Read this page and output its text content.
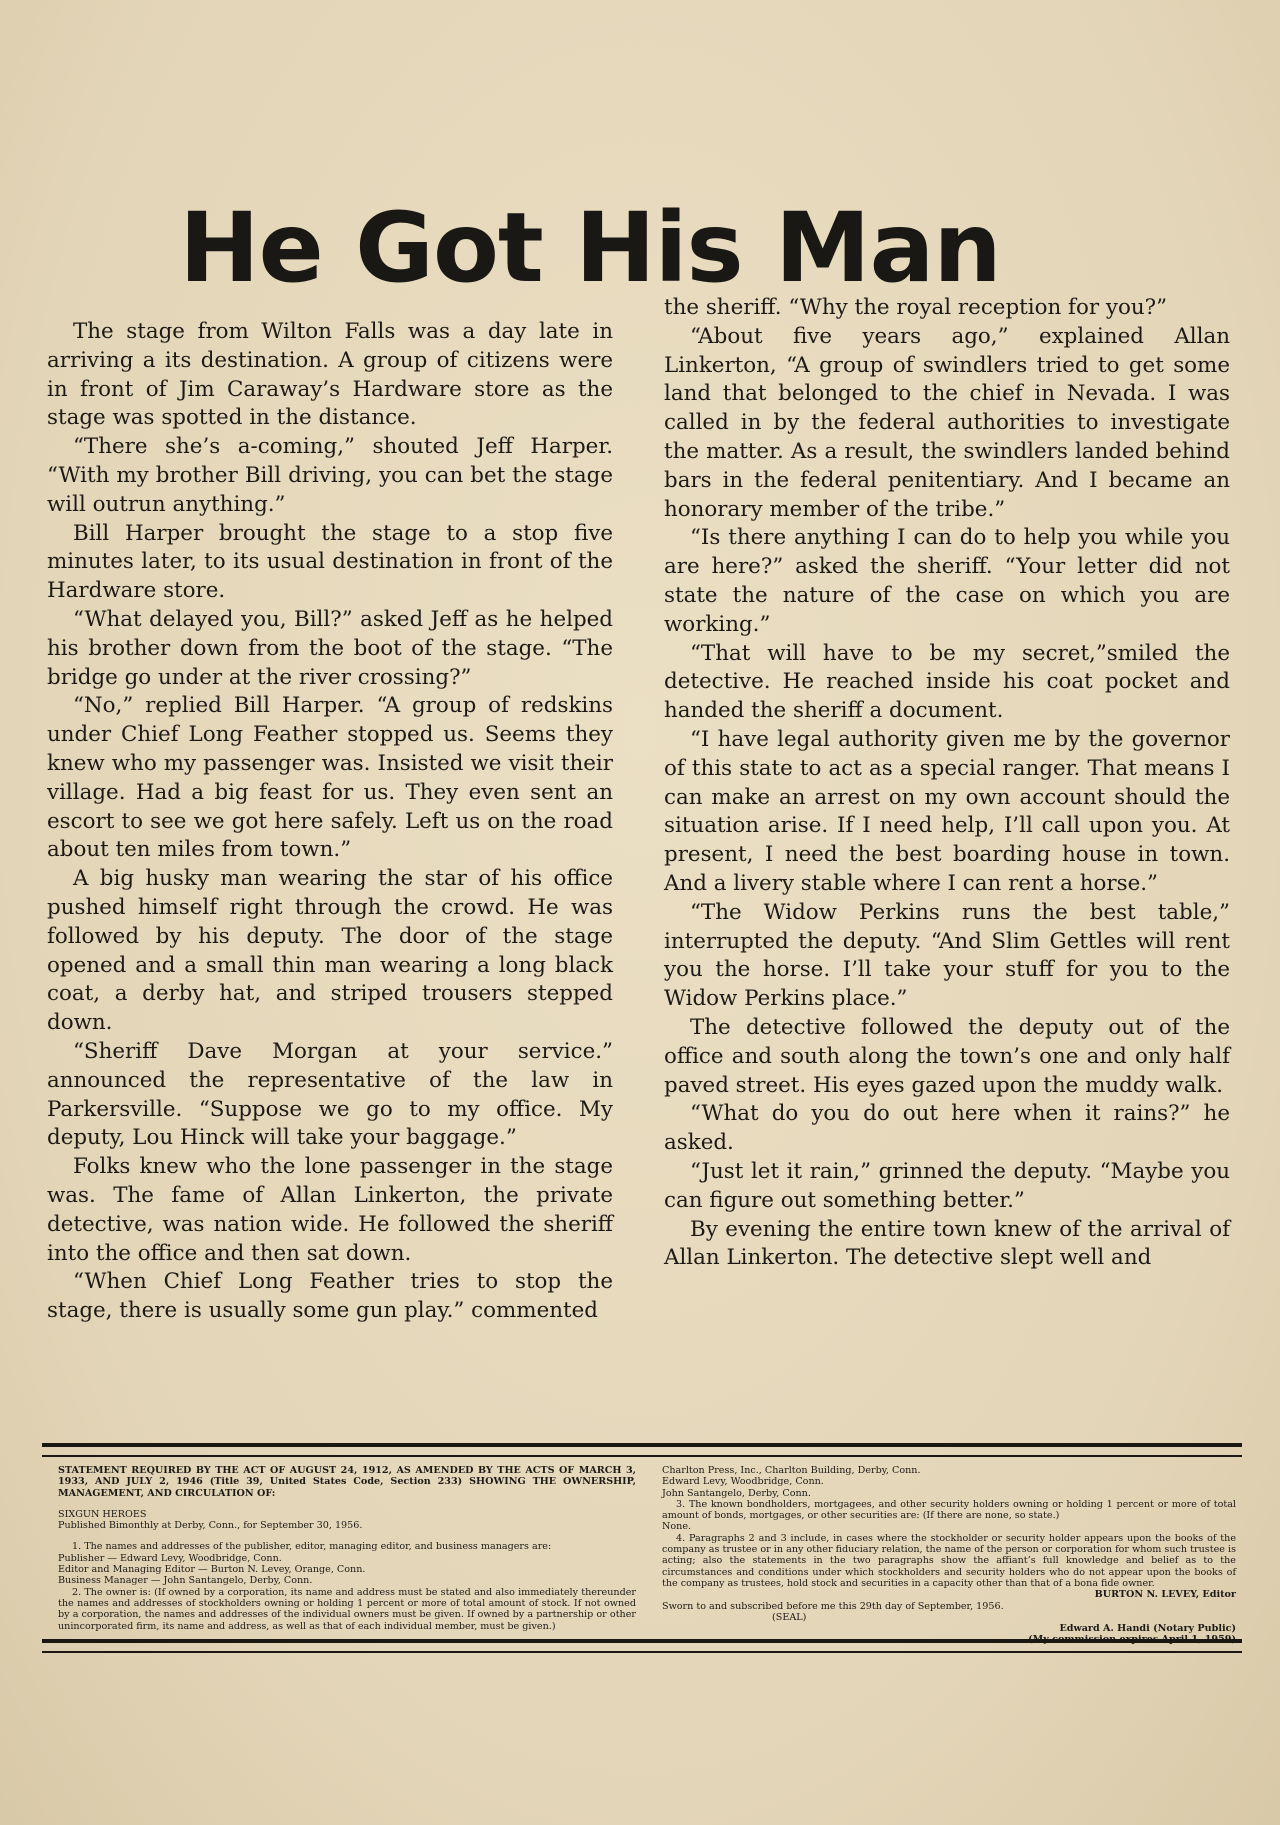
He Got His Man

The stage from Wilton Falls was a day late in arriving a its destination. A group of citizens were in front of Jim Caraway’s Hardware store as the stage was spotted in the distance.

“There she’s a-coming,” shouted Jeff Harper. “With my brother Bill driving, you can bet the stage will outrun anything.”

Bill Harper brought the stage to a stop five minutes later, to its usual destination in front of the Hardware store.

“What delayed you, Bill?” asked Jeff as he helped his brother down from the boot of the stage. “The bridge go under at the river crossing?”

“No,” replied Bill Harper. “A group of redskins under Chief Long Feather stopped us. Seems they knew who my passenger was. Insisted we visit their village. Had a big feast for us. They even sent an escort to see we got here safely. Left us on the road about ten miles from town.”

A big husky man wearing the star of his office pushed himself right through the crowd. He was followed by his deputy. The door of the stage opened and a small thin man wearing a long black coat, a derby hat, and striped trousers stepped down.

“Sheriff Dave Morgan at your service.” announced the representative of the law in Parkersville. “Suppose we go to my office. My deputy, Lou Hinck will take your baggage.”

Folks knew who the lone passenger in the stage was. The fame of Allan Linkerton, the private detective, was nation wide. He followed the sheriff into the office and then sat down.

“When Chief Long Feather tries to stop the stage, there is usually some gun play.” commented

the sheriff. “Why the royal reception for you?”

“About five years ago,” explained Allan Linkerton, “A group of swindlers tried to get some land that belonged to the chief in Nevada. I was called in by the federal authorities to investigate the matter. As a result, the swindlers landed behind bars in the federal penitentiary. And I became an honorary member of the tribe.”

“Is there anything I can do to help you while you are here?” asked the sheriff. “Your letter did not state the nature of the case on which you are working.”

“That will have to be my secret,”smiled the detective. He reached inside his coat pocket and handed the sheriff a document.

“I have legal authority given me by the governor of this state to act as a special ranger. That means I can make an arrest on my own account should the situation arise. If I need help, I’ll call upon you. At present, I need the best boarding house in town. And a livery stable where I can rent a horse.”

“The Widow Perkins runs the best table,” interrupted the deputy. “And Slim Gettles will rent you the horse. I’ll take your stuff for you to the Widow Perkins place.”

The detective followed the deputy out of the office and south along the town’s one and only half paved street. His eyes gazed upon the muddy walk.

“What do you do out here when it rains?” he asked.

“Just let it rain,” grinned the deputy. “Maybe you can figure out something better.”

By evening the entire town knew of the arrival of Allan Linkerton. The detective slept well and

STATEMENT REQUIRED BY THE ACT OF AUGUST 24, 1912, AS AMENDED BY THE ACTS OF MARCH 3, 1933, AND JULY 2, 1946 (Title 39, United States Code, Section 233) SHOWING THE OWNERSHIP, MANAGEMENT, AND CIRCULATION OF:

SIXGUN HEROES

Published Bimonthly at Derby, Conn., for September 30, 1956.

1. The names and addresses of the publisher, editor, managing editor, and business managers are:

Publisher — Edward Levy, Woodbridge, Conn.

Editor and Managing Editor — Burton N. Levey, Orange, Conn.

Business Manager — John Santangelo, Derby, Conn.

2. The owner is: (If owned by a corporation, its name and address must be stated and also immediately thereunder the names and addresses of stockholders owning or holding 1 percent or more of total amount of stock. If not owned by a corporation, the names and addresses of the individual owners must be given. If owned by a partnership or other unincorporated firm, its name and address, as well as that of each individual member, must be given.)

Charlton Press, Inc., Charlton Building, Derby, Conn.

Edward Levy, Woodbridge, Conn.

John Santangelo, Derby, Conn.

3. The known bondholders, mortgagees, and other security holders owning or holding 1 percent or more of total amount of bonds, mortgages, or other securities are: (If there are none, so state.)

None.

4. Paragraphs 2 and 3 include, in cases where the stockholder or security holder appears upon the books of the company as trustee or in any other fiduciary relation, the name of the person or corporation for whom such trustee is acting; also the statements in the two paragraphs show the affiant’s full knowledge and belief as to the circumstances and conditions under which stockholders and security holders who do not appear upon the books of the company as trustees, hold stock and securities in a capacity other than that of a bona fide owner.

BURTON N. LEVEY, Editor

Sworn to and subscribed before me this 29th day of September, 1956.

(SEAL)

Edward A. Handi (Notary Public)

(My commission expires April 1, 1959)
